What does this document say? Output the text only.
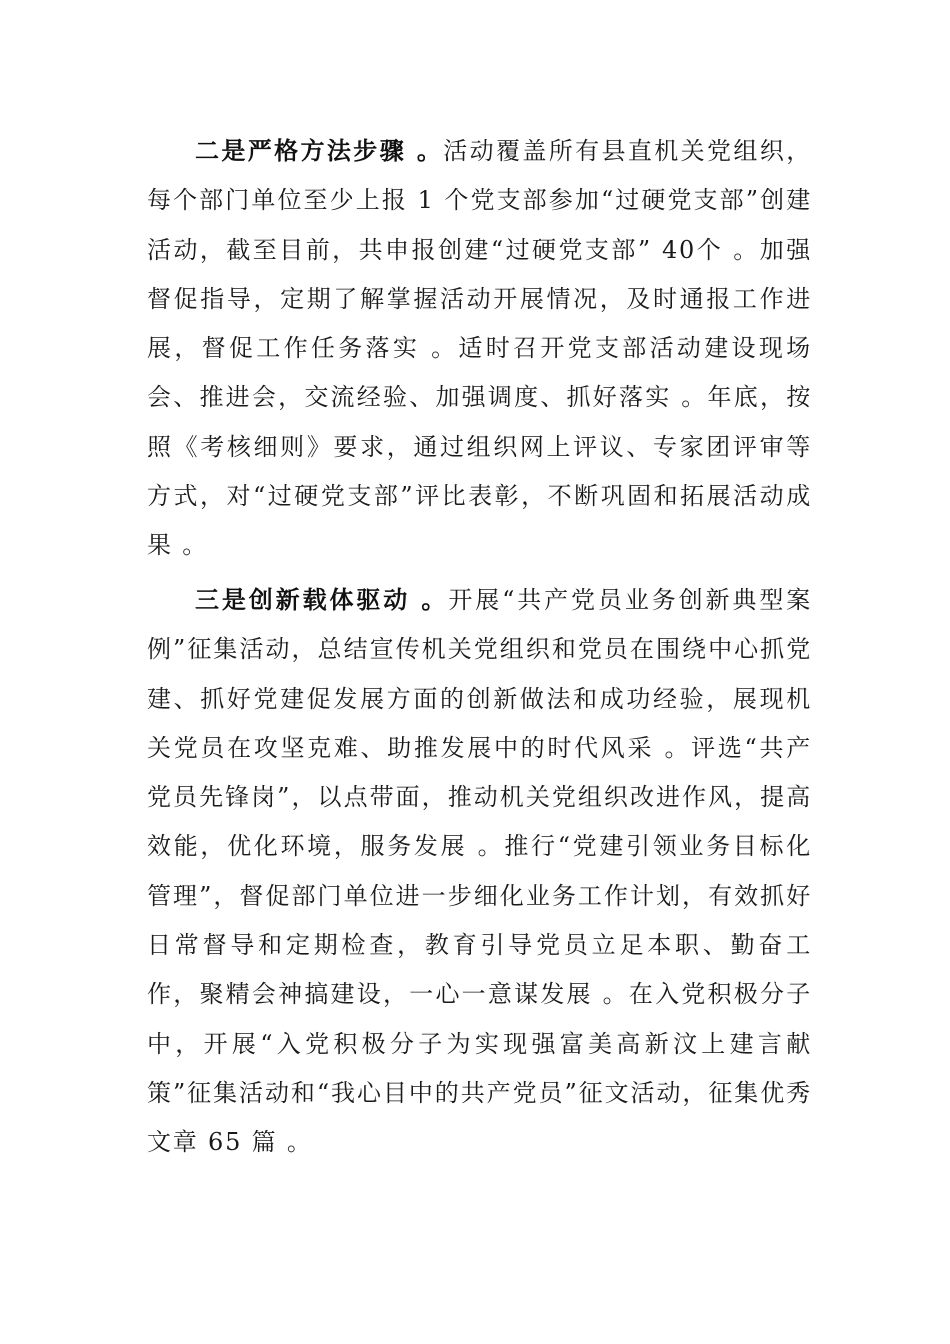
二是严格方法步骤 。活动覆盖所有县直机关党组织，每个部门单位至少上报 1 个党支部参加“过硬党支部”创建活动，截至目前，共申报创建“过硬党支部” 40个 。加强督促指导，定期了解掌握活动开展情况，及时通报工作进展，督促工作任务落实 。适时召开党支部活动建设现场会、推进会，交流经验、加强调度、抓好落实 。年底，按照《考核细则》要求，通过组织网上评议、专家团评审等方式，对“过硬党支部”评比表彰，不断巩固和拓展活动成果 。

三是创新载体驱动 。开展“共产党员业务创新典型案例”征集活动，总结宣传机关党组织和党员在围绕中心抓党建、抓好党建促发展方面的创新做法和成功经验，展现机关党员在攻坚克难、助推发展中的时代风采 。评选“共产党员先锋岗”，以点带面，推动机关党组织改进作风，提高效能，优化环境，服务发展 。推行“党建引领业务目标化管理”，督促部门单位进一步细化业务工作计划，有效抓好日常督导和定期检查，教育引导党员立足本职、勤奋工作，聚精会神搞建设，一心一意谋发展 。在入党积极分子中，开展“入党积极分子为实现强富美高新汶上建言献策”征集活动和“我心目中的共产党员”征文活动，征集优秀文章 65 篇 。
